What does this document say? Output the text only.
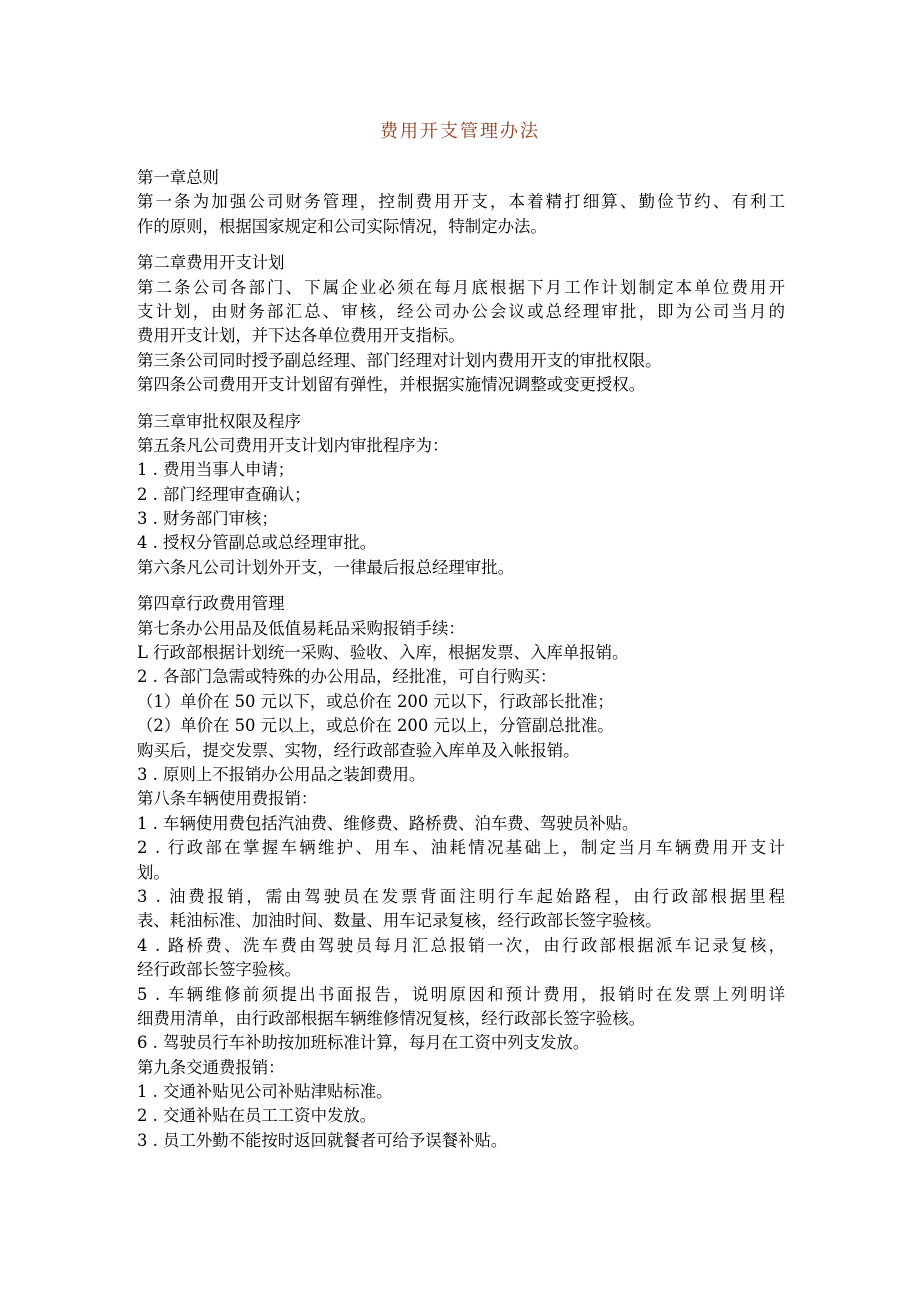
费用开支管理办法
第一章总则
第一条为加强公司财务管理，控制费用开支，本着精打细算、勤俭节约、有利工
作的原则，根据国家规定和公司实际情况，特制定办法。
第二章费用开支计划
第二条公司各部门、下属企业必须在每月底根据下月工作计划制定本单位费用开
支计划，由财务部汇总、审核，经公司办公会议或总经理审批，即为公司当月的
费用开支计划，并下达各单位费用开支指标。
第三条公司同时授予副总经理、部门经理对计划内费用开支的审批权限。
第四条公司费用开支计划留有弹性，并根据实施情况调整或变更授权。
第三章审批权限及程序
第五条凡公司费用开支计划内审批程序为：
1 . 费用当事人申请；
2 . 部门经理审查确认；
3 . 财务部门审核；
4 . 授权分管副总或总经理审批。
第六条凡公司计划外开支，一律最后报总经理审批。
第四章行政费用管理
第七条办公用品及低值易耗品采购报销手续：
L 行政部根据计划统一采购、验收、入库，根据发票、入库单报销。
2 . 各部门急需或特殊的办公用品，经批准，可自行购买：
（1）单价在 50 元以下，或总价在 200 元以下，行政部长批准；
（2）单价在 50 元以上，或总价在 200 元以上，分管副总批准。
购买后，提交发票、实物，经行政部查验入库单及入帐报销。
3 . 原则上不报销办公用品之装卸费用。
第八条车辆使用费报销：
1 . 车辆使用费包括汽油费、维修费、路桥费、泊车费、驾驶员补贴。
2 . 行政部在掌握车辆维护、用车、油耗情况基础上，制定当月车辆费用开支计
划。
3 . 油费报销，需由驾驶员在发票背面注明行车起始路程，由行政部根据里程
表、耗油标准、加油时间、数量、用车记录复核，经行政部长签字验核。
4 . 路桥费、洗车费由驾驶员每月汇总报销一次，由行政部根据派车记录复核，
经行政部长签字验核。
5 . 车辆维修前须提出书面报告，说明原因和预计费用，报销时在发票上列明详
细费用清单，由行政部根据车辆维修情况复核，经行政部长签字验核。
6 . 驾驶员行车补助按加班标准计算，每月在工资中列支发放。
第九条交通费报销：
1 . 交通补贴见公司补贴津贴标准。
2 . 交通补贴在员工工资中发放。
3 . 员工外勤不能按时返回就餐者可给予误餐补贴。
